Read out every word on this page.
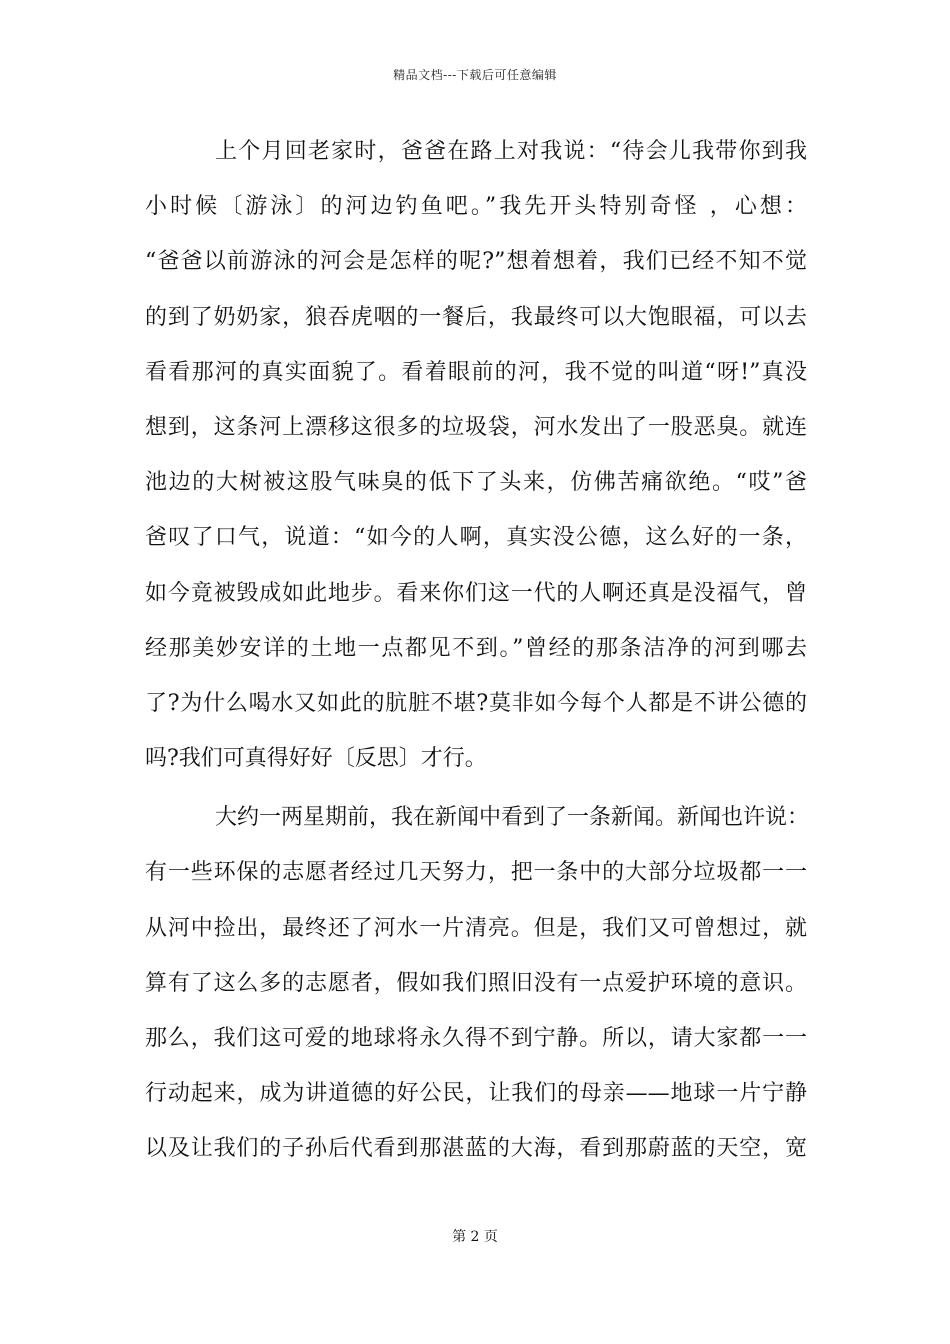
精品文档---下载后可任意编辑
上个月回老家时，爸爸在路上对我说：“待会儿我带你到我
小时候〔游泳〕的河边钓鱼吧。”我先开头特别奇怪 ，心想：
“爸爸以前游泳的河会是怎样的呢?”想着想着，我们已经不知不觉
的到了奶奶家，狼吞虎咽的一餐后，我最终可以大饱眼福，可以去
看看那河的真实面貌了。看着眼前的河，我不觉的叫道“呀!”真没
想到，这条河上漂移这很多的垃圾袋，河水发出了一股恶臭。就连
池边的大树被这股气味臭的低下了头来，仿佛苦痛欲绝。“哎”爸
爸叹了口气，说道：“如今的人啊，真实没公德，这么好的一条，
如今竟被毁成如此地步。看来你们这一代的人啊还真是没福气，曾
经那美妙安详的土地一点都见不到。”曾经的那条洁净的河到哪去
了?为什么喝水又如此的肮脏不堪?莫非如今每个人都是不讲公德的
吗?我们可真得好好〔反思〕才行。
大约一两星期前，我在新闻中看到了一条新闻。新闻也许说：
有一些环保的志愿者经过几天努力，把一条中的大部分垃圾都一一
从河中捡出，最终还了河水一片清亮。但是，我们又可曾想过，就
算有了这么多的志愿者，假如我们照旧没有一点爱护环境的意识。
那么，我们这可爱的地球将永久得不到宁静。所以，请大家都一一
行动起来，成为讲道德的好公民，让我们的母亲——地球一片宁静
以及让我们的子孙后代看到那湛蓝的大海，看到那蔚蓝的天空，宽
第 2 页
